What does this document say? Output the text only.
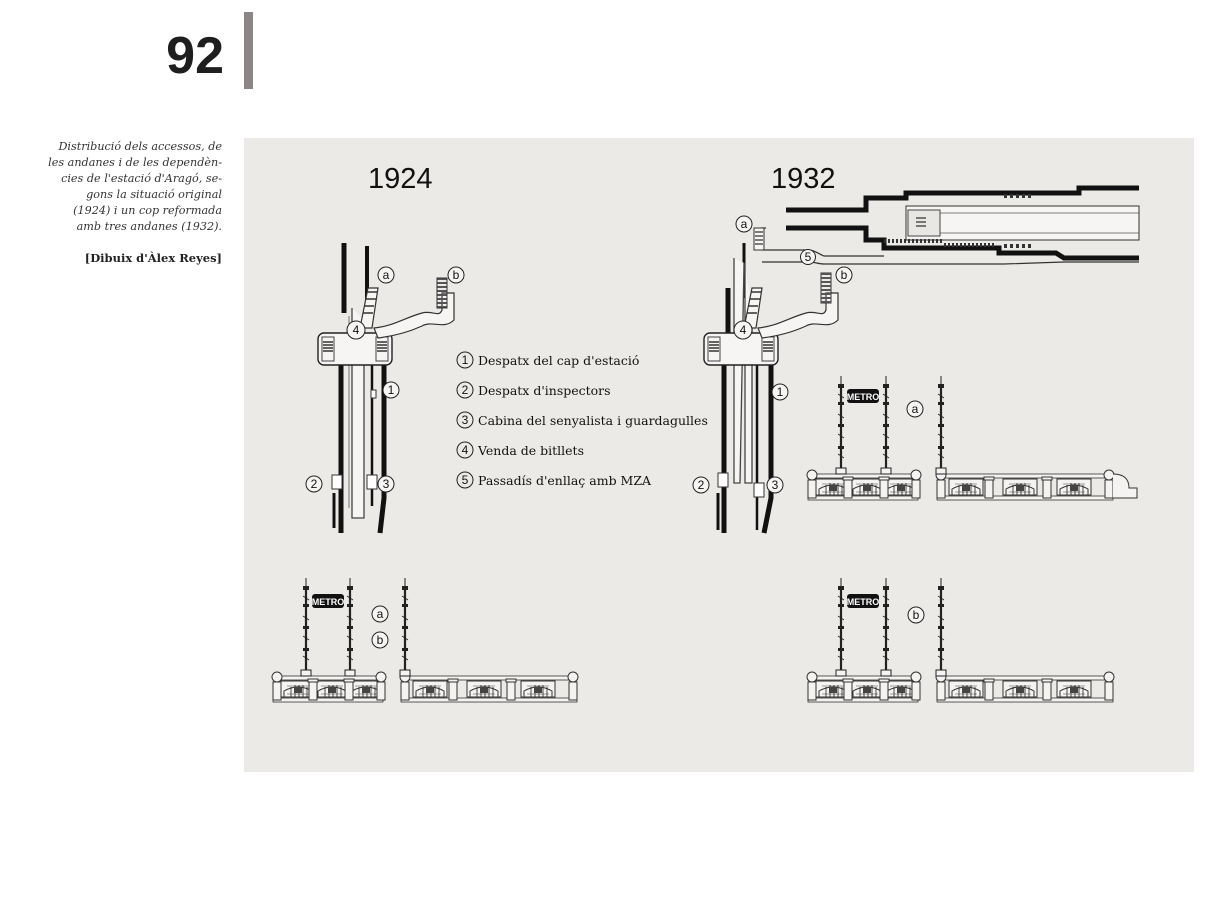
92
Distribució dels accessos, de
les andanes i de les dependèn-
cies de l'estació d'Aragó, se-
gons la situació original
(1924) i un cop reformada
amb tres andanes (1932).
[Dibuix d'Àlex Reyes]
1924	1932
4
a	b
1
2	3
1 Despatx del cap d'estació
2 Despatx d'inspectors
3 Cabina del senyalista i guardagulles
4 Venda de bitllets
5 Passadís d'enllaç amb MZA
4
a
b
5
1
2	3
METRO
a
METRO
a
b
METRO
b
